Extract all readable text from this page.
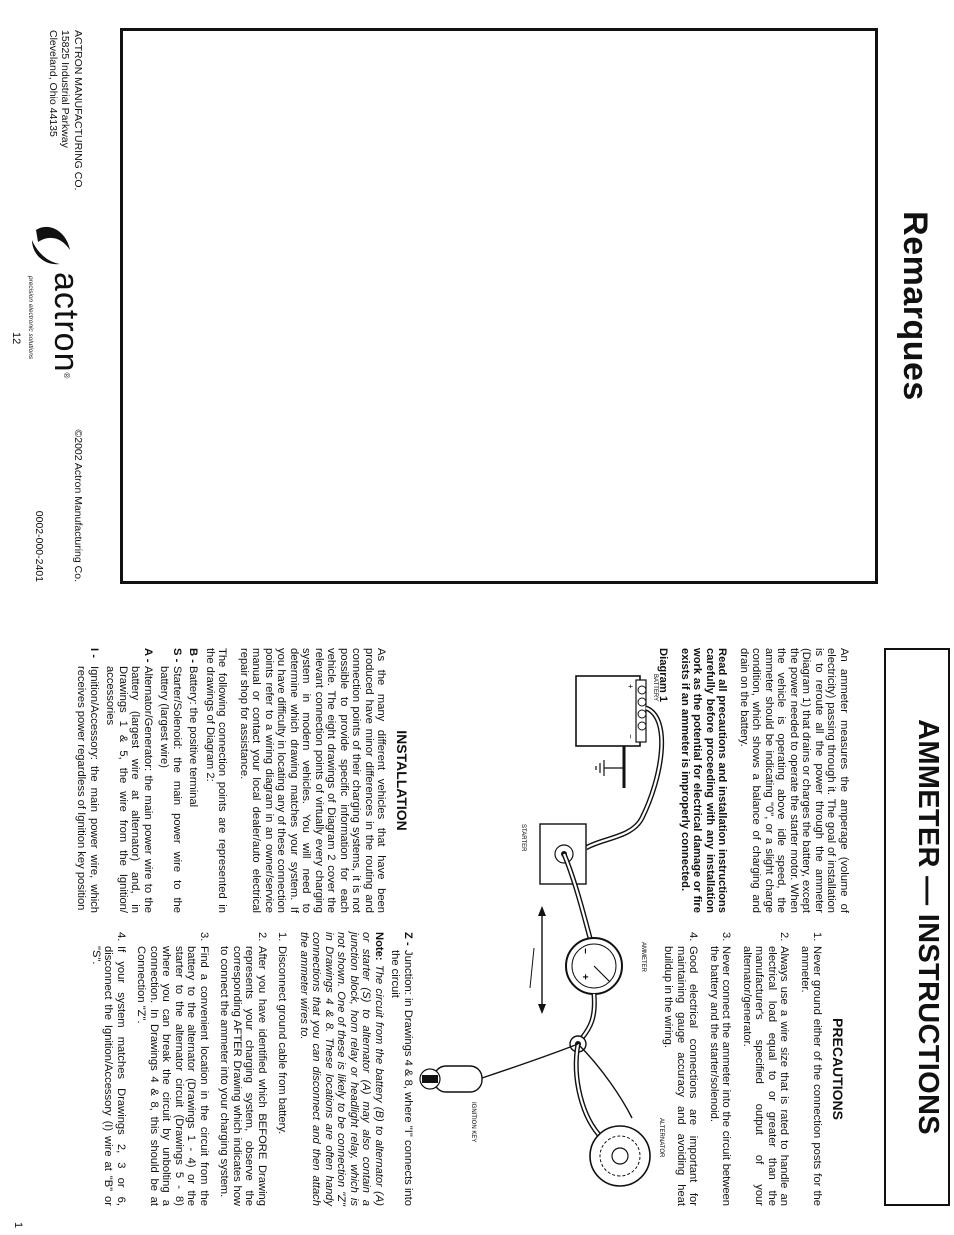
Remarques
ACTRON MANUFACTURING CO.
15825 Industrial Parkway
Cleveland, Ohio 44135
actron®
precision electronic solutions
©2002 Actron Manufacturing Co.
0002-000-2401
12
AMMETER — INSTRUCTIONS

An ammeter measures the amperage (volume of electricity) passing through it. The goal of installation is to reroute all the power through the ammeter (Diagram 1) that drains or charges the battery, except the power needed to operate the starter motor. When the vehicle is operating above idle speed, the ammeter should be indicating "0", or a slight charge condition, which shows a balance of charging and drain on the battery.

Read all precautions and installation instructions carefully before proceeding with any installation work as the potential for electrical damage or fire exists if an ammeter is improperly connected.

Diagram 1

PRECAUTIONS
1.
Never ground either of the connection posts for the ammeter.
2.
Always use a wire size that is rated to handle an electrical load equal to or greater than the manufacturer's specified output of your alternator/generator.
3.
Never connect the ammeter into the circuit between the battery and the starter/solenoid.
4.
Good electrical connections are important for maintaining gauge accuracy and avoiding heat buildup in the wiring.
+
−
BATTERY
STARTER
−
+
AMMETER
ALTERNATOR
IGNITION KEY
INSTALLATION

As the many different vehicles that have been produced have minor differences in the routing and connection points of their charging systems, it is not possible to provide specific information for each vehicle. The eight drawings of Diagram 2 cover the relevant connection points of virtually every charging system in modern vehicles. You will need to determine which drawing matches your system. If you have difficulty in locating any of these connection points refer to a wiring diagram in an owner/service manual or contact your local dealer/auto electrical repair shop for assistance.

The following connection points are represented in the drawings of Diagram 2:

B -
Battery: the positive terminal
S -
Starter/Solenoid: the main power wire to the battery (largest wire)
A -
Alternator/Generator: the main power wire to the battery (largest wire at alternator) and, in Drawings 1 & 5, the wire from the Ignition/ accessories
I -
Ignition/Accessory: the main power wire, which receives power regardless of Ignition key position
Z -
Junction: in Drawings 4 & 8, where "I" connects into the circuit

Note: The circuit from the battery (B) to alternator (A) or starter (S) to alternator (A) may also contain a junction block, horn relay or headlight relay, which is not shown. One of these is likely to be connection "Z" in Drawings 4 & 8. These locations are often handy connections that you can disconnect and then attach the ammeter wires to.

1.
Disconnect ground cable from battery.
2.
After you have identified which BEFORE Drawing represents your charging system, observe the corresponding AFTER Drawing which indicates how to connect the ammeter into your charging system.
3.
Find a convenient location in the circuit from the battery to the alternator (Drawings 1 - 4) or the starter to the alternator circuit (Drawings 5 - 8) where you can break the circuit by unbolting a connection. In Drawings 4 & 8, this should be at Connection "Z".
4.
If your system matches Drawings 2, 3 or 6, disconnect the Ignition/Accessory (I) wire at "B" or "S".
1
